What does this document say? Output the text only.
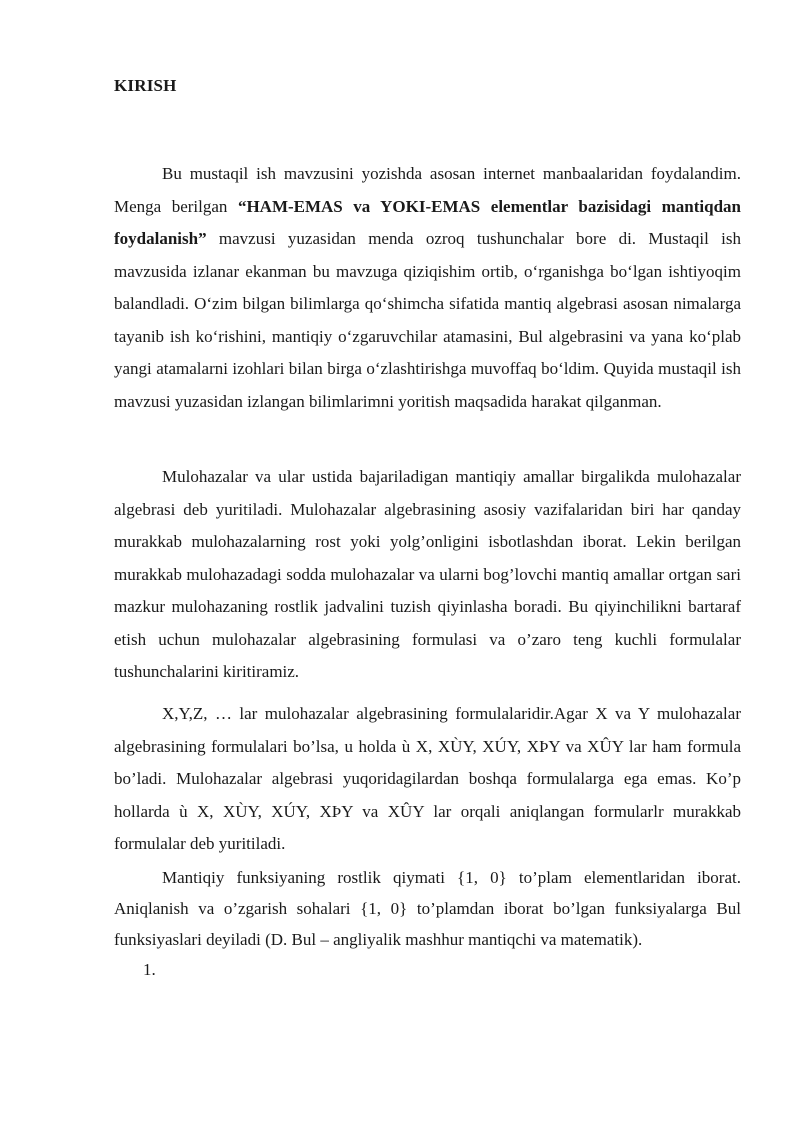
KIRISH

Bu mustaqil ish mavzusini yozishda asosan internet manbaalaridan foydalandim. Menga berilgan “HAM-EMAS va YOKI-EMAS elementlar bazisidagi mantiqdan foydalanish” mavzusi yuzasidan menda ozroq tushunchalar bore di. Mustaqil ish mavzusida izlanar ekanman bu mavzuga qiziqishim ortib, o‘rganishga bo‘lgan ishtiyoqim balandladi. O‘zim bilgan bilimlarga qo‘shimcha sifatida mantiq algebrasi asosan nimalarga tayanib ish ko‘rishini, mantiqiy o‘zgaruvchilar atamasini, Bul algebrasini va yana ko‘plab yangi atamalarni izohlari bilan birga o‘zlashtirishga muvoffaq bo‘ldim. Quyida mustaqil ish mavzusi yuzasidan izlangan bilimlarimni yoritish maqsadida harakat qilganman.

Mulohazalar va ular ustida bajariladigan mantiqiy amallar birgalikda mulohazalar algebrasi deb yuritiladi. Mulohazalar algebrasining asosiy vazifalaridan biri har qanday murakkab mulohazalarning rost yoki yolg’onligini isbotlashdan iborat. Lekin berilgan murakkab mulohazadagi sodda mulohazalar va ularni bog’lovchi mantiq amallar ortgan sari mazkur mulohazaning rostlik jadvalini tuzish qiyinlasha boradi. Bu qiyinchilikni bartaraf etish uchun mulohazalar algebrasining formulasi va o’zaro teng kuchli formulalar tushunchalarini kiritiramiz.

X,Y,Z, … lar mulohazalar algebrasining formulalaridir.Agar X va Y mulohazalar algebrasining formulalari bo’lsa, u holda ù X, XÙY, XÚY, XÞY va XÛY lar ham formula bo’ladi. Mulohazalar algebrasi yuqoridagilardan boshqa formulalarga ega emas. Ko’p hollarda ù X, XÙY, XÚY, XÞY va XÛY lar orqali aniqlangan formularlr murakkab formulalar deb yuritiladi.

Mantiqiy funksiyaning rostlik qiymati {1, 0} to’plam elementlaridan iborat. Aniqlanish va o’zgarish sohalari {1, 0} to’plamdan iborat bo’lgan funksiyalarga Bul funksiyaslari deyiladi (D. Bul – angliyalik mashhur mantiqchi va matematik).

1.
